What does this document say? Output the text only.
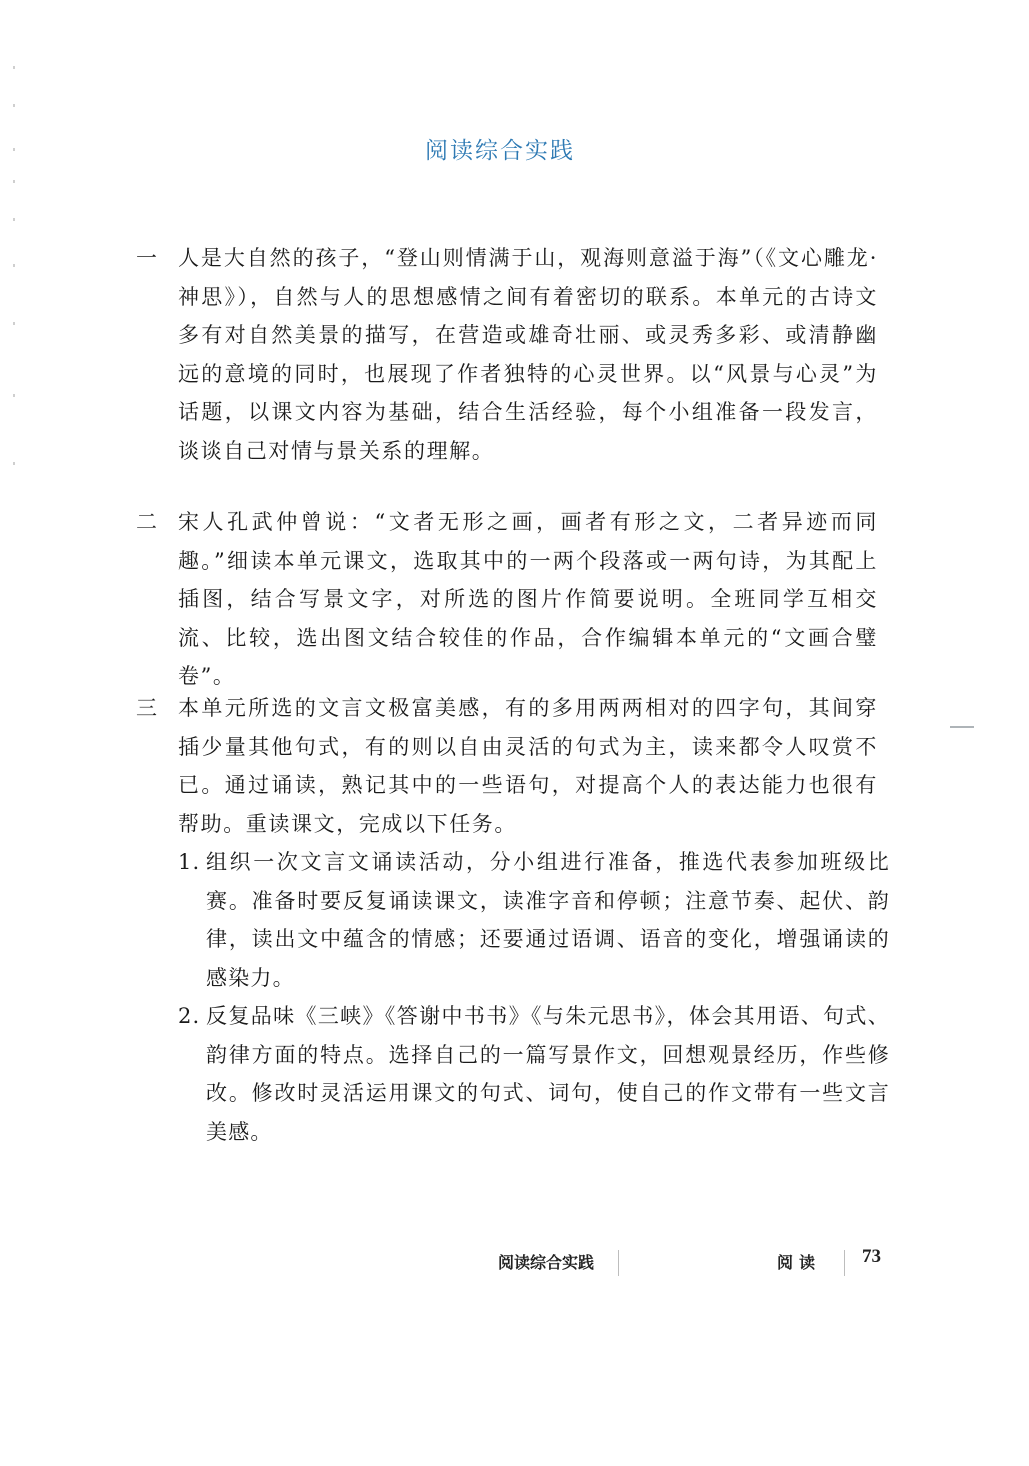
阅读综合实践
一	人是大自然的孩子，“登山则情满于山，观海则意溢于海”（《文心雕龙·神思》），自然与人的思想感情之间有着密切的联系。本单元的古诗文多有对自然美景的描写，在营造或雄奇壮丽、或灵秀多彩、或清静幽远的意境的同时，也展现了作者独特的心灵世界。以“风景与心灵”为话题，以课文内容为基础，结合生活经验，每个小组准备一段发言，谈谈自己对情与景关系的理解。
二	宋人孔武仲曾说：“文者无形之画，画者有形之文，二者异迹而同趣。”细读本单元课文，选取其中的一两个段落或一两句诗，为其配上插图，结合写景文字，对所选的图片作简要说明。全班同学互相交流、比较，选出图文结合较佳的作品，合作编辑本单元的“文画合璧卷”。
三	本单元所选的文言文极富美感，有的多用两两相对的四字句，其间穿插少量其他句式，有的则以自由灵活的句式为主，读来都令人叹赏不已。通过诵读，熟记其中的一些语句，对提高个人的表达能力也很有帮助。重读课文，完成以下任务。
1. 组织一次文言文诵读活动，分小组进行准备，推选代表参加班级比赛。准备时要反复诵读课文，读准字音和停顿；注意节奏、起伏、韵律，读出文中蕴含的情感；还要通过语调、语音的变化，增强诵读的感染力。
2. 反复品味《三峡》《答谢中书书》《与朱元思书》，体会其用语、句式、韵律方面的特点。选择自己的一篇写景作文，回想观景经历，作些修改。修改时灵活运用课文的句式、词句，使自己的作文带有一些文言美感。
阅读综合实践	阅读 73
